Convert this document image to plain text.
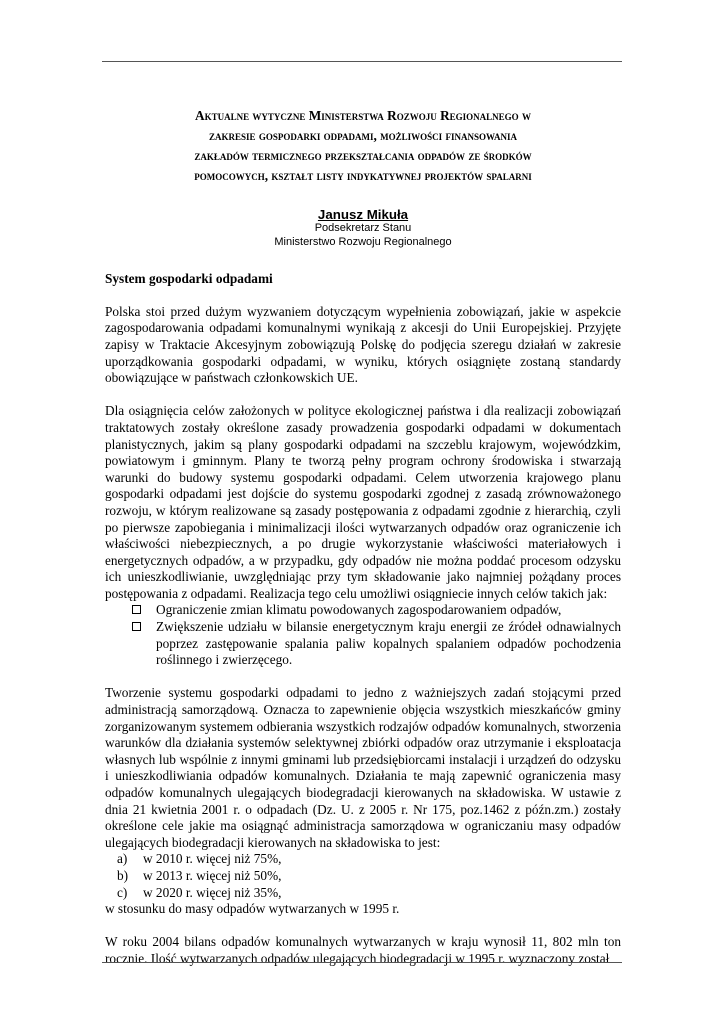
Aktualne wytyczne Ministerstwa Rozwoju Regionalnego w
zakresie gospodarki odpadami, możliwości finansowania
zakładów termicznego przekształcania odpadów ze środków
pomocowych, kształt listy indykatywnej projektów spalarni
Janusz Mikuła
Podsekretarz Stanu
Ministerstwo Rozwoju Regionalnego
System gospodarki odpadami

Polska stoi przed dużym wyzwaniem dotyczącym wypełnienia zobowiązań, jakie w aspekcie zagospodarowania odpadami komunalnymi wynikają z akcesji do Unii Europejskiej. Przyjęte zapisy w Traktacie Akcesyjnym zobowiązują Polskę do podjęcia szeregu działań w zakresie uporządkowania gospodarki odpadami, w wyniku, których osiągnięte zostaną standardy obowiązujące w państwach członkowskich UE.

Dla osiągnięcia celów założonych w polityce ekologicznej państwa i dla realizacji zobowiązań traktatowych zostały określone zasady prowadzenia gospodarki odpadami w dokumentach planistycznych, jakim są plany gospodarki odpadami na szczeblu krajowym, wojewódzkim, powiatowym i gminnym. Plany te tworzą pełny program ochrony środowiska i stwarzają warunki do budowy systemu gospodarki odpadami. Celem utworzenia krajowego planu gospodarki odpadami jest dojście do systemu gospodarki zgodnej z zasadą zrównoważonego rozwoju, w którym realizowane są zasady postępowania z odpadami zgodnie z hierarchią, czyli po pierwsze zapobiegania i minimalizacji ilości wytwarzanych odpadów oraz ograniczenie ich właściwości niebezpiecznych, a po drugie wykorzystanie właściwości materiałowych i energetycznych odpadów, a w przypadku, gdy odpadów nie można poddać procesom odzysku ich unieszkodliwianie, uwzględniając przy tym składowanie jako najmniej pożądany proces postępowania z odpadami. Realizacja tego celu umożliwi osiągniecie innych celów takich jak:

Ograniczenie zmian klimatu powodowanych zagospodarowaniem odpadów,
Zwiększenie udziału w bilansie energetycznym kraju energii ze źródeł odnawialnych poprzez zastępowanie spalania paliw kopalnych spalaniem odpadów pochodzenia roślinnego i zwierzęcego.

Tworzenie systemu gospodarki odpadami to jedno z ważniejszych zadań stojącymi przed administracją samorządową. Oznacza to zapewnienie objęcia wszystkich mieszkańców gminy zorganizowanym systemem odbierania wszystkich rodzajów odpadów komunalnych, stworzenia warunków dla działania systemów selektywnej zbiórki odpadów oraz utrzymanie i eksploatacja własnych lub wspólnie z innymi gminami lub przedsiębiorcami instalacji i urządzeń do odzysku i unieszkodliwiania odpadów komunalnych. Działania te mają zapewnić ograniczenia masy odpadów komunalnych ulegających biodegradacji kierowanych na składowiska. W ustawie z dnia 21 kwietnia 2001 r. o odpadach (Dz. U. z 2005 r. Nr 175, poz.1462 z późn.zm.) zostały określone cele jakie ma osiągnąć administracja samorządowa w ograniczaniu masy odpadów ulegających biodegradacji kierowanych na składowiska to jest:

a) w 2010 r. więcej niż 75%,
b) w 2013 r. więcej niż 50%,
c) w 2020 r. więcej niż 35%,

w stosunku do masy odpadów wytwarzanych w 1995 r.

W roku 2004 bilans odpadów komunalnych wytwarzanych w kraju wynosił 11, 802 mln ton rocznie. Ilość wytwarzanych odpadów ulegających biodegradacji w 1995 r. wyznaczony został
